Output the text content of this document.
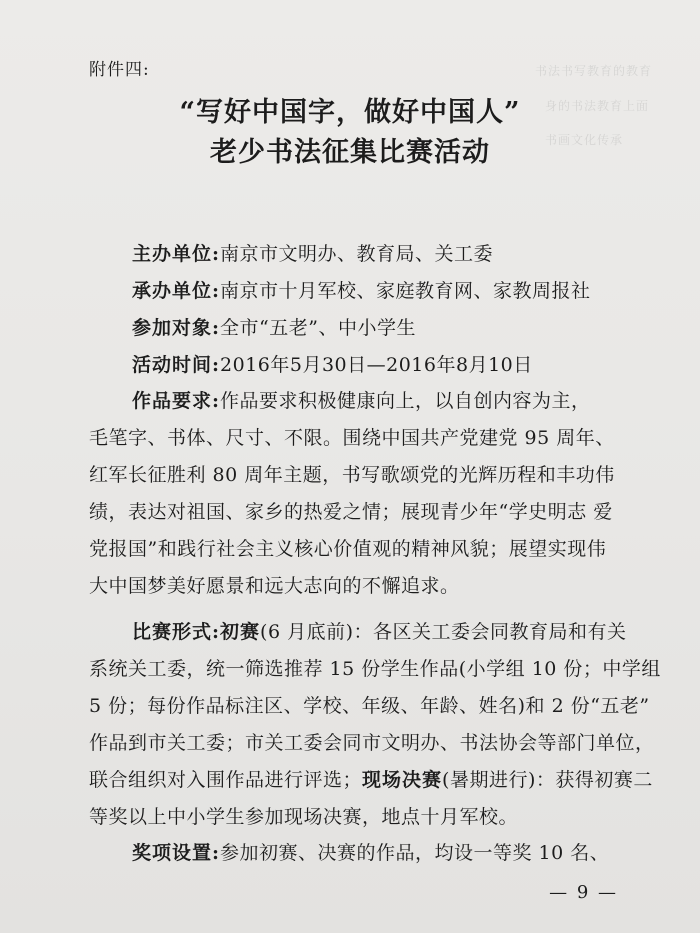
书法书写教育的教育
身的书法教育上面
书画文化传承
附件四:
“写好中国字，做好中国人”
老少书法征集比赛活动
主办单位:南京市文明办、教育局、关工委
承办单位:南京市十月军校、家庭教育网、家教周报社
参加对象:全市“五老”、中小学生
活动时间:2016年5月30日—2016年8月10日
作品要求:作品要求积极健康向上，以自创内容为主，
毛笔字、书体、尺寸、不限。围绕中国共产党建党 95 周年、
红军长征胜利 80 周年主题，书写歌颂党的光辉历程和丰功伟
绩，表达对祖国、家乡的热爱之情；展现青少年“学史明志 爱
党报国”和践行社会主义核心价值观的精神风貌；展望实现伟
大中国梦美好愿景和远大志向的不懈追求。
比赛形式:初赛(6 月底前)：各区关工委会同教育局和有关
系统关工委，统一筛选推荐 15 份学生作品(小学组 10 份；中学组
5 份；每份作品标注区、学校、年级、年龄、姓名)和 2 份“五老”
作品到市关工委；市关工委会同市文明办、书法协会等部门单位，
联合组织对入围作品进行评选；现场决赛(暑期进行)：获得初赛二
等奖以上中小学生参加现场决赛，地点十月军校。
奖项设置:参加初赛、决赛的作品，均设一等奖 10 名、
— 9 —
